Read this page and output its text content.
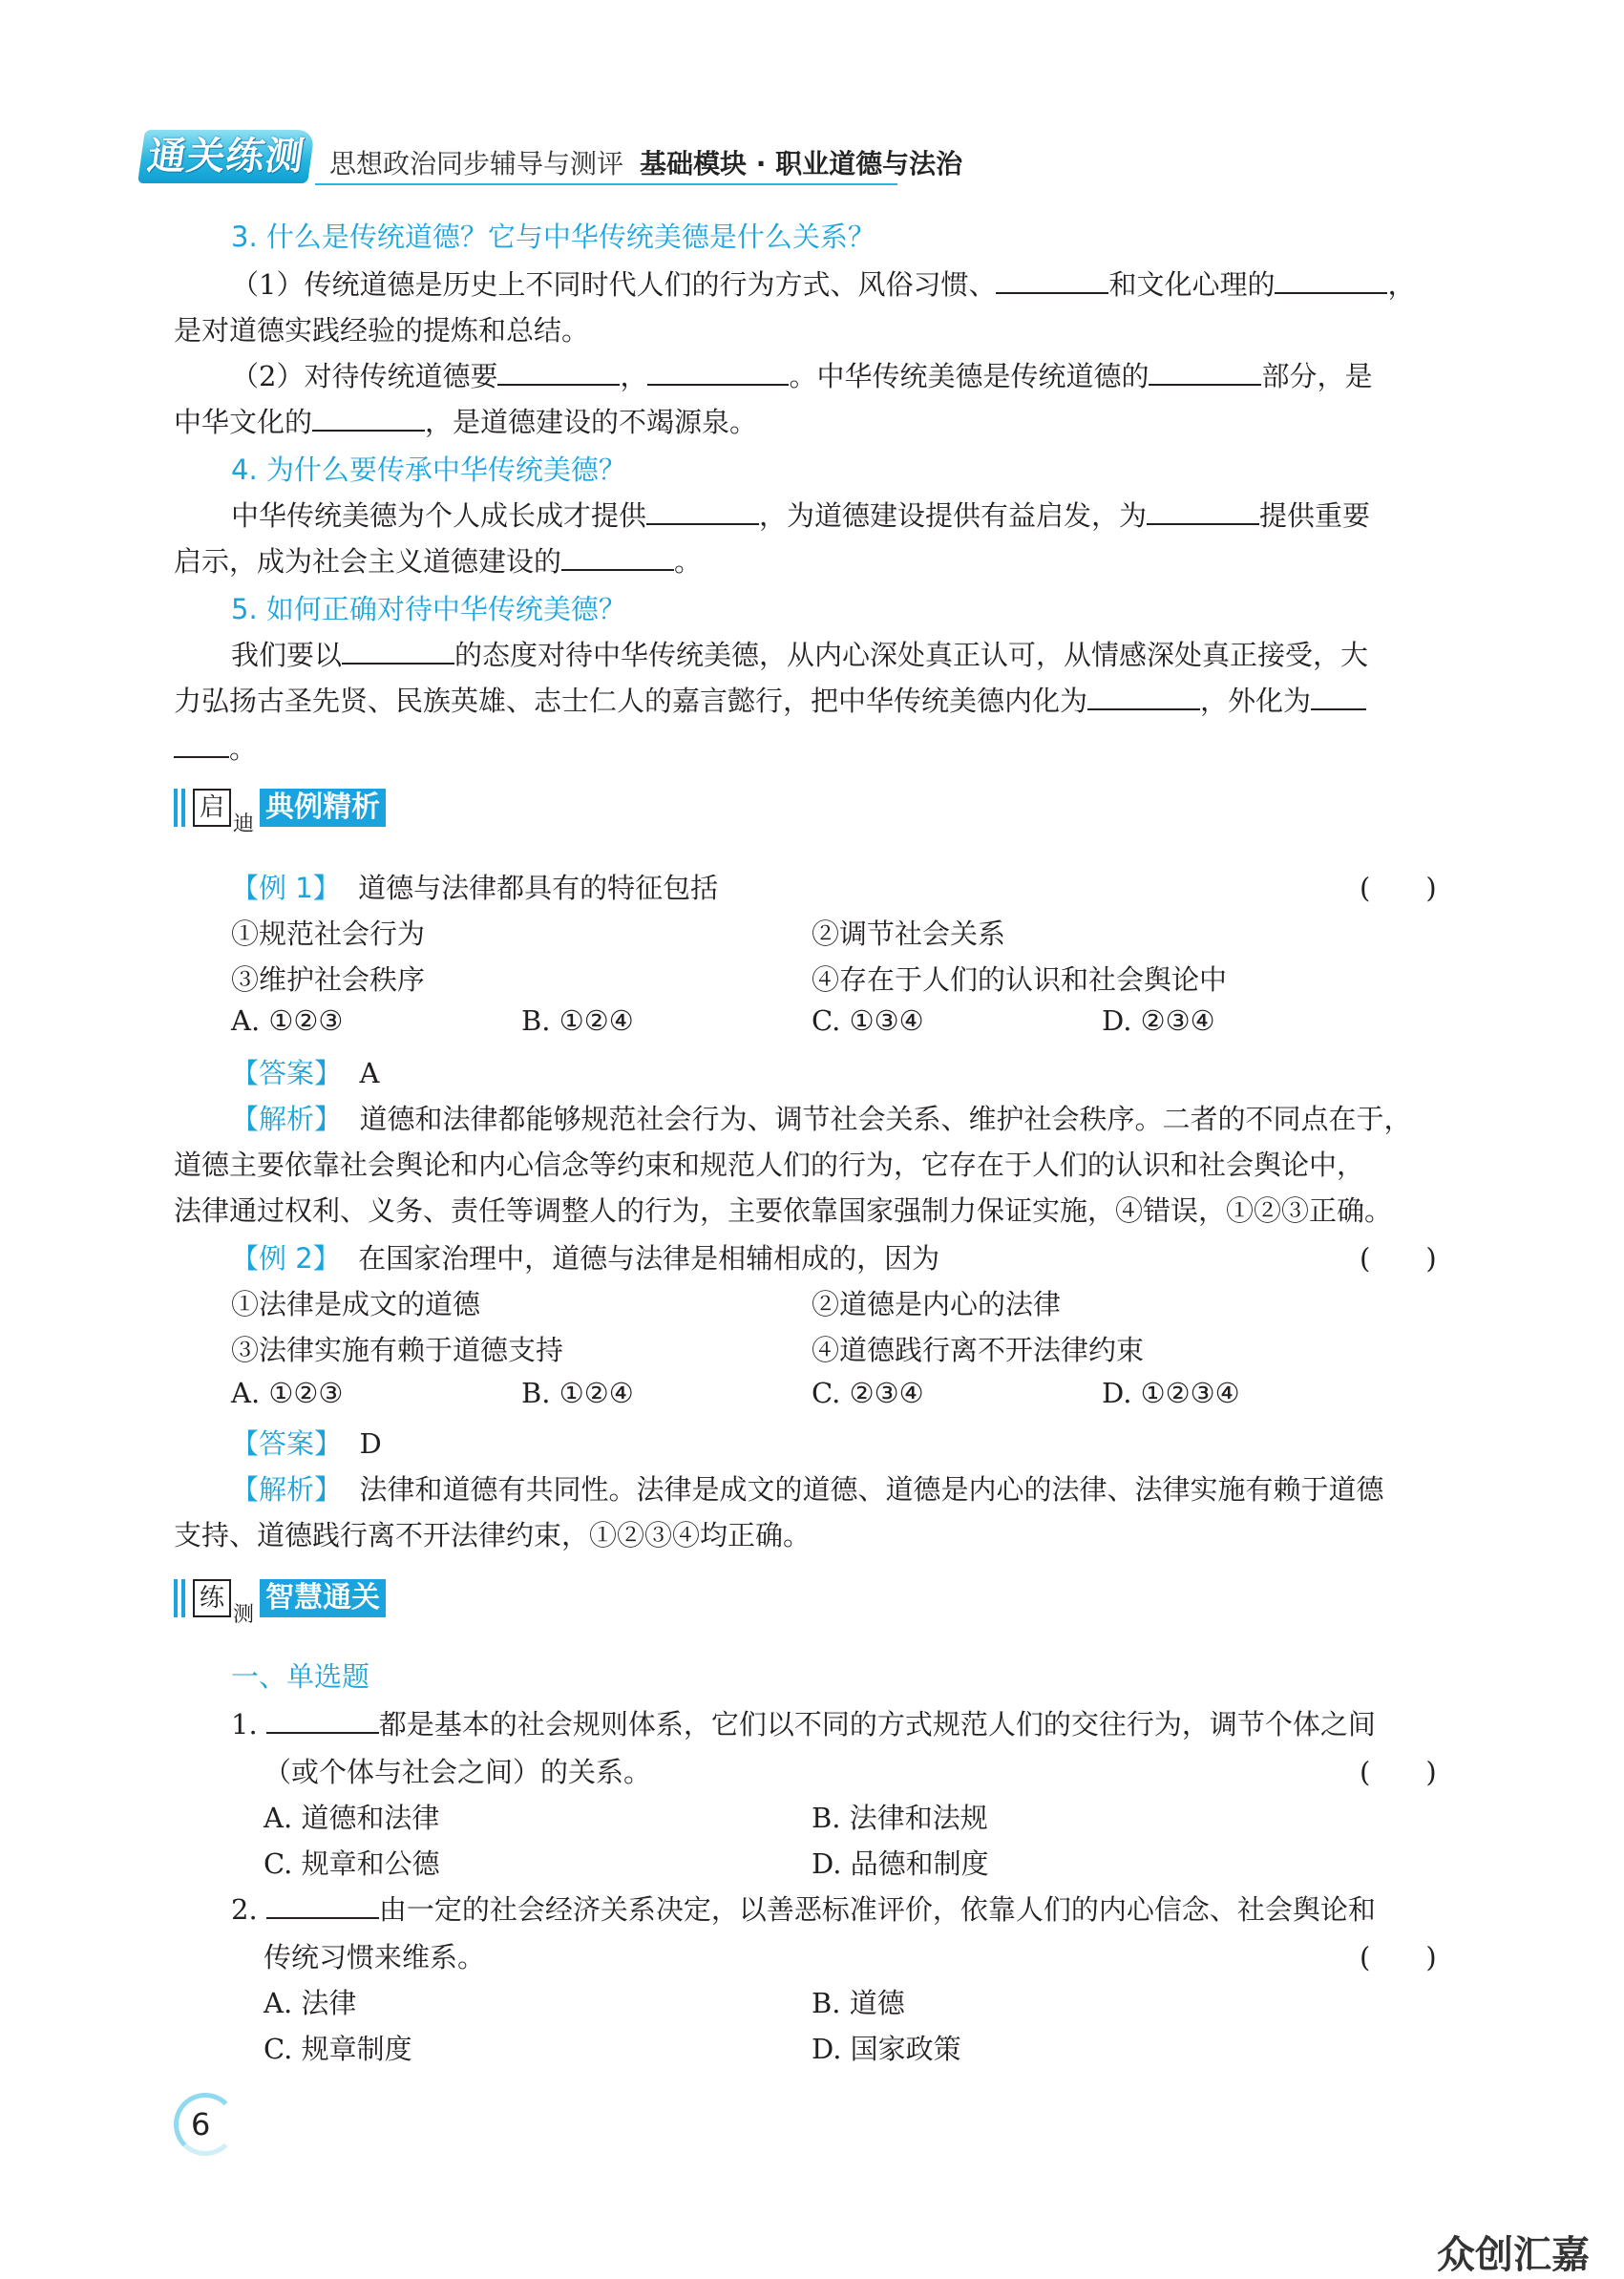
通关练测 思想政治同步辅导与测评 基础模块 · 职业道德与法治
3. 什么是传统道德？它与中华传统美德是什么关系？
（1）传统道德是历史上不同时代人们的行为方式、风俗习惯、	和文化心理的	，
是对道德实践经验的提炼和总结。
（2）对待传统道德要	，	。中华传统美德是传统道德的	部分，是
中华文化的	，是道德建设的不竭源泉。
4. 为什么要传承中华传统美德？
中华传统美德为个人成长成才提供	，为道德建设提供有益启发，为	提供重要
启示，成为社会主义道德建设的	。
5. 如何正确对待中华传统美德？
我们要以	的态度对待中华传统美德，从内心深处真正认可，从情感深处真正接受，大
力弘扬古圣先贤、民族英雄、志士仁人的嘉言懿行，把中华传统美德内化为	，外化为
。
启
迪
典例精析
【例 1】 道德与法律都具有的特征包括	(　　)
①规范社会行为	②调节社会关系
③维护社会秩序	④存在于人们的认识和社会舆论中
A. ①②③	B. ①②④	C. ①③④	D. ②③④
【答案】 A
【解析】 道德和法律都能够规范社会行为、调节社会关系、维护社会秩序。二者的不同点在于，
道德主要依靠社会舆论和内心信念等约束和规范人们的行为，它存在于人们的认识和社会舆论中，
法律通过权利、义务、责任等调整人的行为，主要依靠国家强制力保证实施，④错误，①②③正确。
【例 2】 在国家治理中，道德与法律是相辅相成的，因为	(　　)
①法律是成文的道德	②道德是内心的法律
③法律实施有赖于道德支持	④道德践行离不开法律约束
A. ①②③	B. ①②④	C. ②③④	D. ①②③④
【答案】 D
【解析】 法律和道德有共同性。法律是成文的道德、道德是内心的法律、法律实施有赖于道德
支持、道德践行离不开法律约束，①②③④均正确。
练
测
智慧通关
一、单选题
1.	都是基本的社会规则体系，它们以不同的方式规范人们的交往行为，调节个体之间
（或个体与社会之间）的关系。	(　　)
A. 道德和法律	B. 法律和法规
C. 规章和公德	D. 品德和制度
2.	由一定的社会经济关系决定，以善恶标准评价，依靠人们的内心信念、社会舆论和
传统习惯来维系。	(　　)
A. 法律	B. 道德
C. 规章制度	D. 国家政策
6
众创汇嘉
